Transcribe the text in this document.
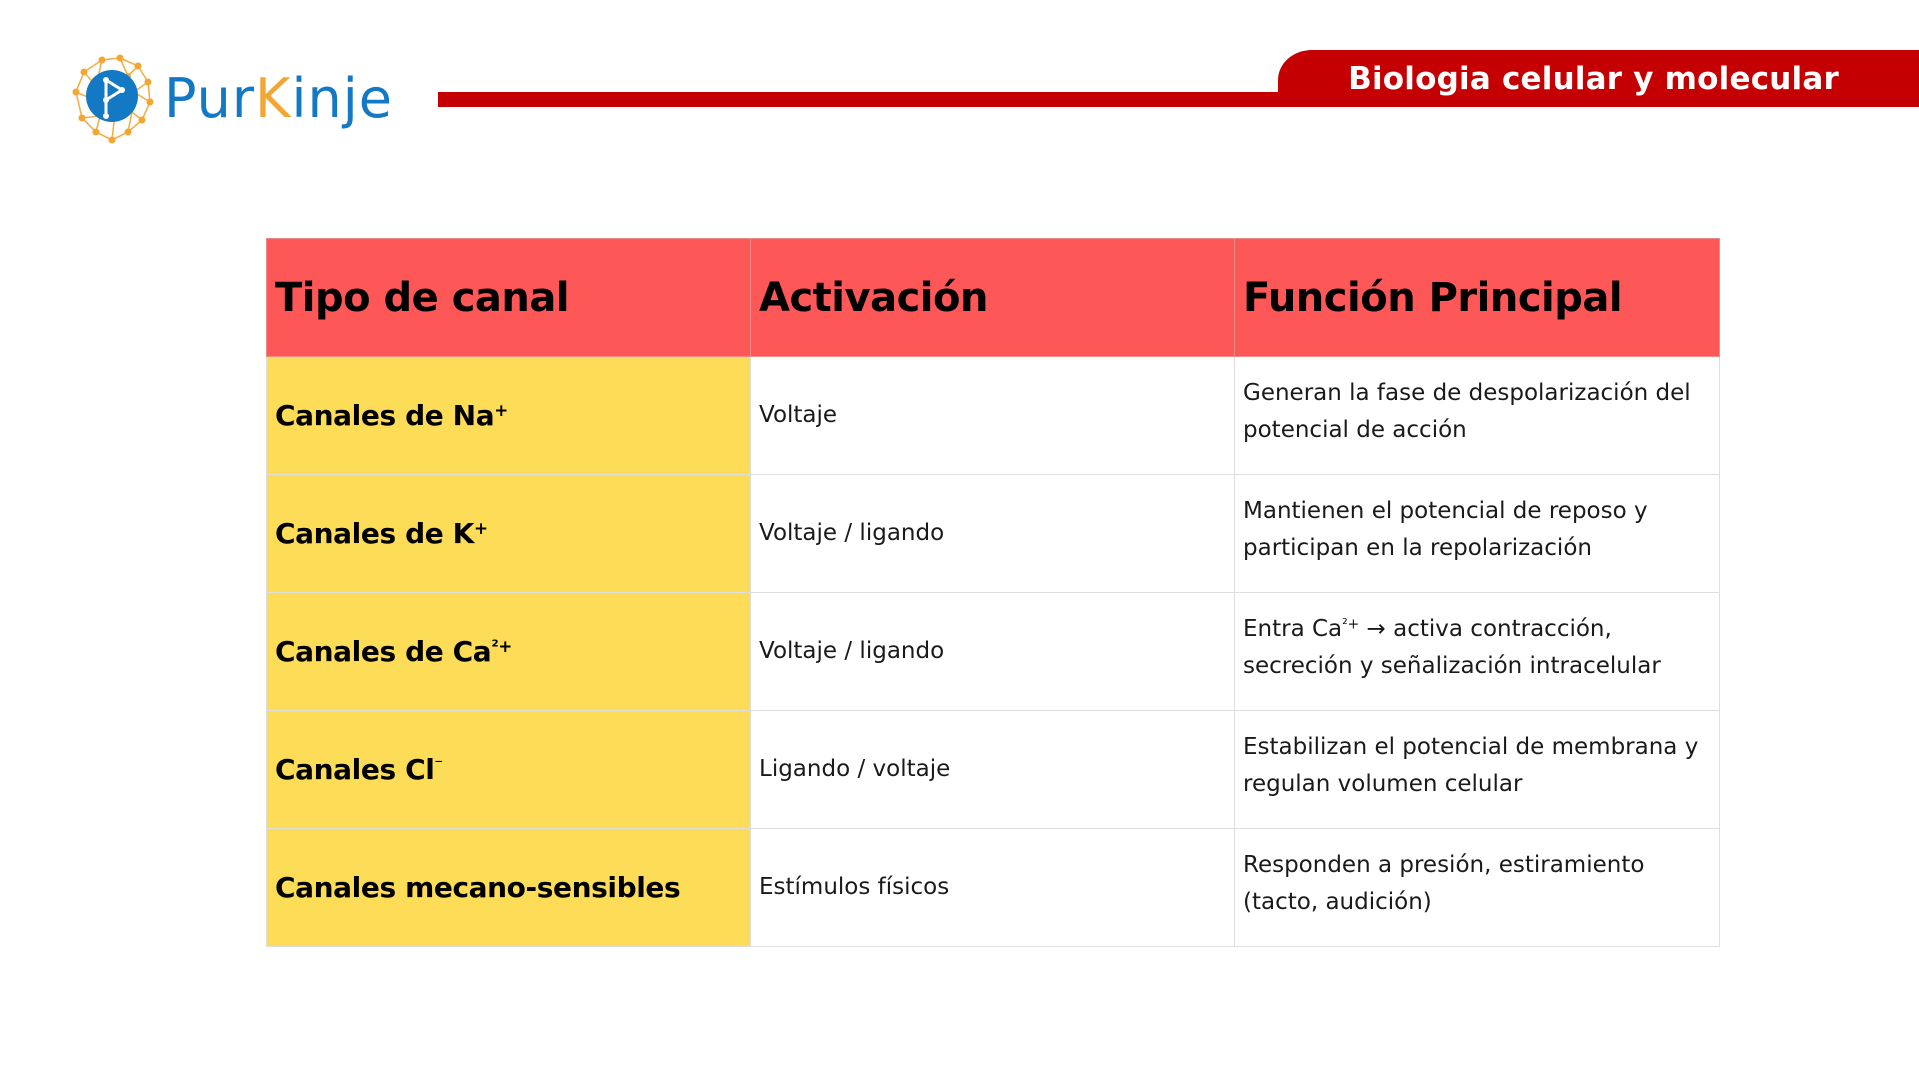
PurKinje	Biologia celular y molecular
Tipo de canal	Activación	Función Principal
Canales de Na+	Voltaje	Generan la fase de despolarización del potencial de acción
Canales de K+	Voltaje / ligando	Mantienen el potencial de reposo y participan en la repolarización
Canales de $Ca^{^2+}$	Voltaje / ligando	Entra $Ca^{^2+}$ → activa contracción, secreción y señalización intracelular
Canales Cl⁻	Ligando / voltaje	Estabilizan el potencial de membrana y regulan volumen celular
Canales mecano-sensibles	Estímulos físicos	Responden a presión, estiramiento (tacto, audición)
